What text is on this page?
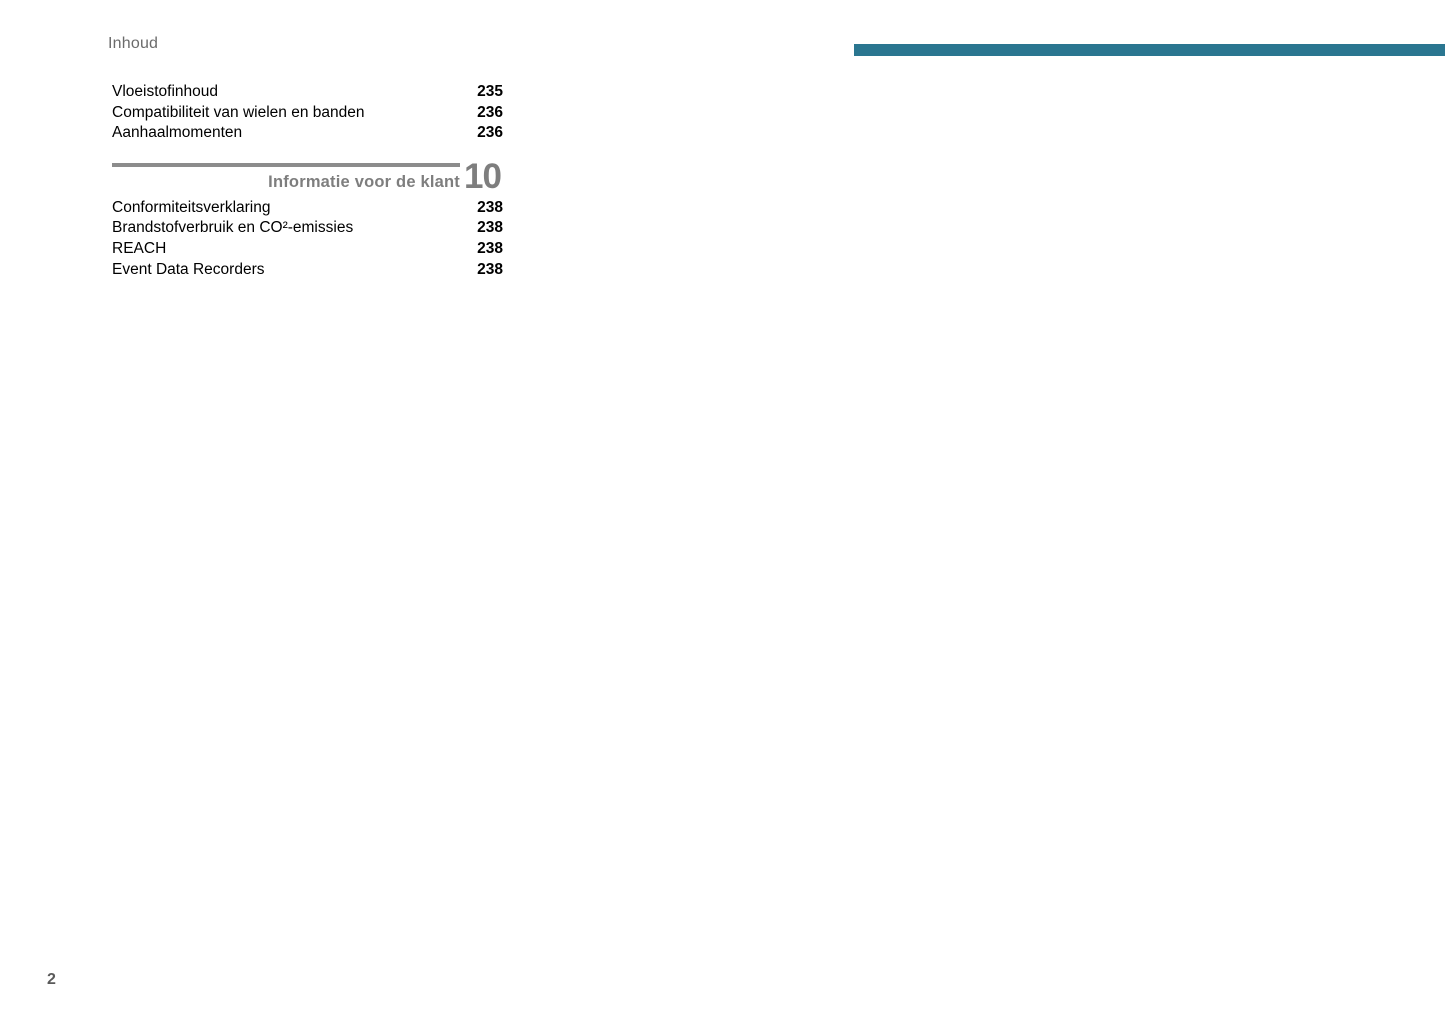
Inhoud
Vloeistofinhoud	235
Compatibiliteit van wielen en banden	236
Aanhaalmomenten	236
Informatie voor de klant 10
Conformiteitsverklaring	238
Brandstofverbruik en CO²-emissies	238
REACH	238
Event Data Recorders	238
2
